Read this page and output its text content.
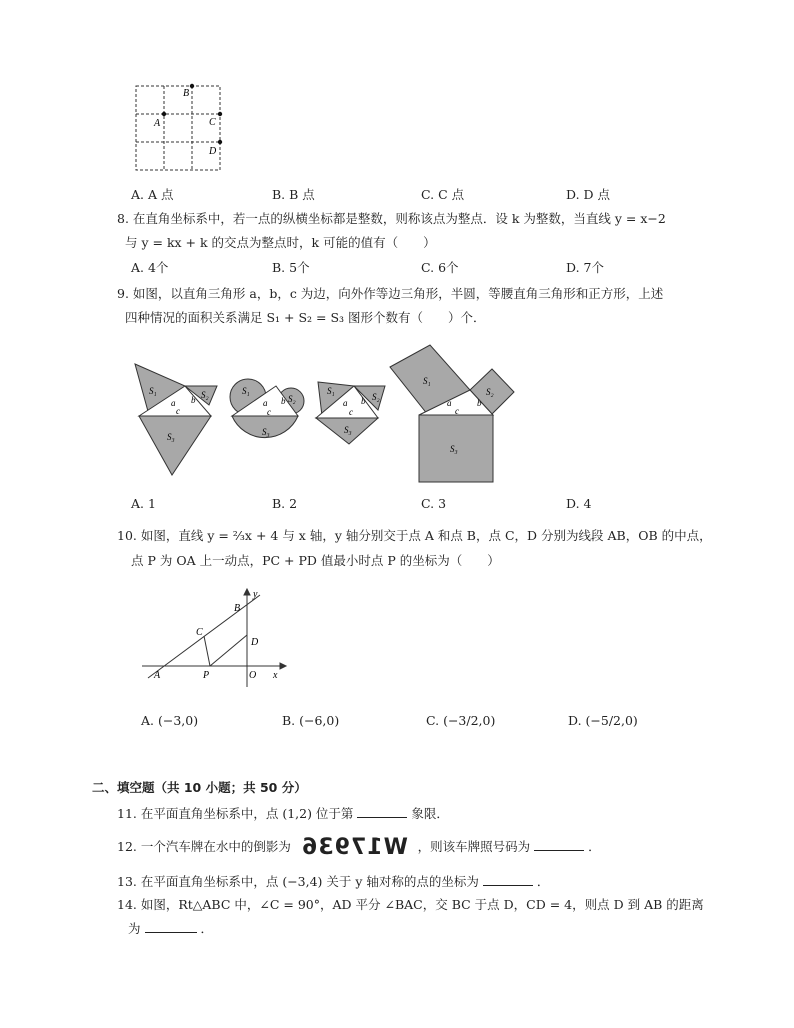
B
A	C
D
A. A 点	B. B 点	C. C 点	D. D 点
8. 在直角坐标系中，若一点的纵横坐标都是整数，则称该点为整点．设 k 为整数，当直线 y = x−2
与 y = kx + k 的交点为整点时，k 可能的值有（　　）
A. 4个	B. 5个	C. 6个	D. 7个
9. 如图，以直角三角形 a，b，c 为边，向外作等边三角形，半圆，等腰直角三角形和正方形，上述
四种情况的面积关系满足 S₁ + S₂ = S₃ 图形个数有（　　）个．
S₁	S₂
S₃
a b
c
S₁
S₂
S₃
a b
c
S₁
S₂
S₃
a b
c
S₁
S₂
S₃
a	b
c
A. 1	B. 2	C. 3	D. 4
10. 如图，直线 y = ⅔x + 4 与 x 轴，y 轴分别交于点 A 和点 B，点 C，D 分别为线段 AB，OB 的中点，
点 P 为 OA 上一动点，PC + PD 值最小时点 P 的坐标为（　　）
y
B
C
D
A	P	O x
A. (−3,0)	B. (−6,0)	C. (−3/2,0)	D. (−5/2,0)
二、填空题（共 10 小题；共 50 分）
11. 在平面直角坐标系中，点 (1,2) 位于第	象限．
12. 一个汽车牌在水中的倒影为 W17936 ，则该车牌照号码为	．
13. 在平面直角坐标系中，点 (−3,4) 关于 y 轴对称的点的坐标为	．
14. 如图，Rt△ABC 中，∠C = 90°，AD 平分 ∠BAC，交 BC 于点 D，CD = 4，则点 D 到 AB 的距离
为	．
